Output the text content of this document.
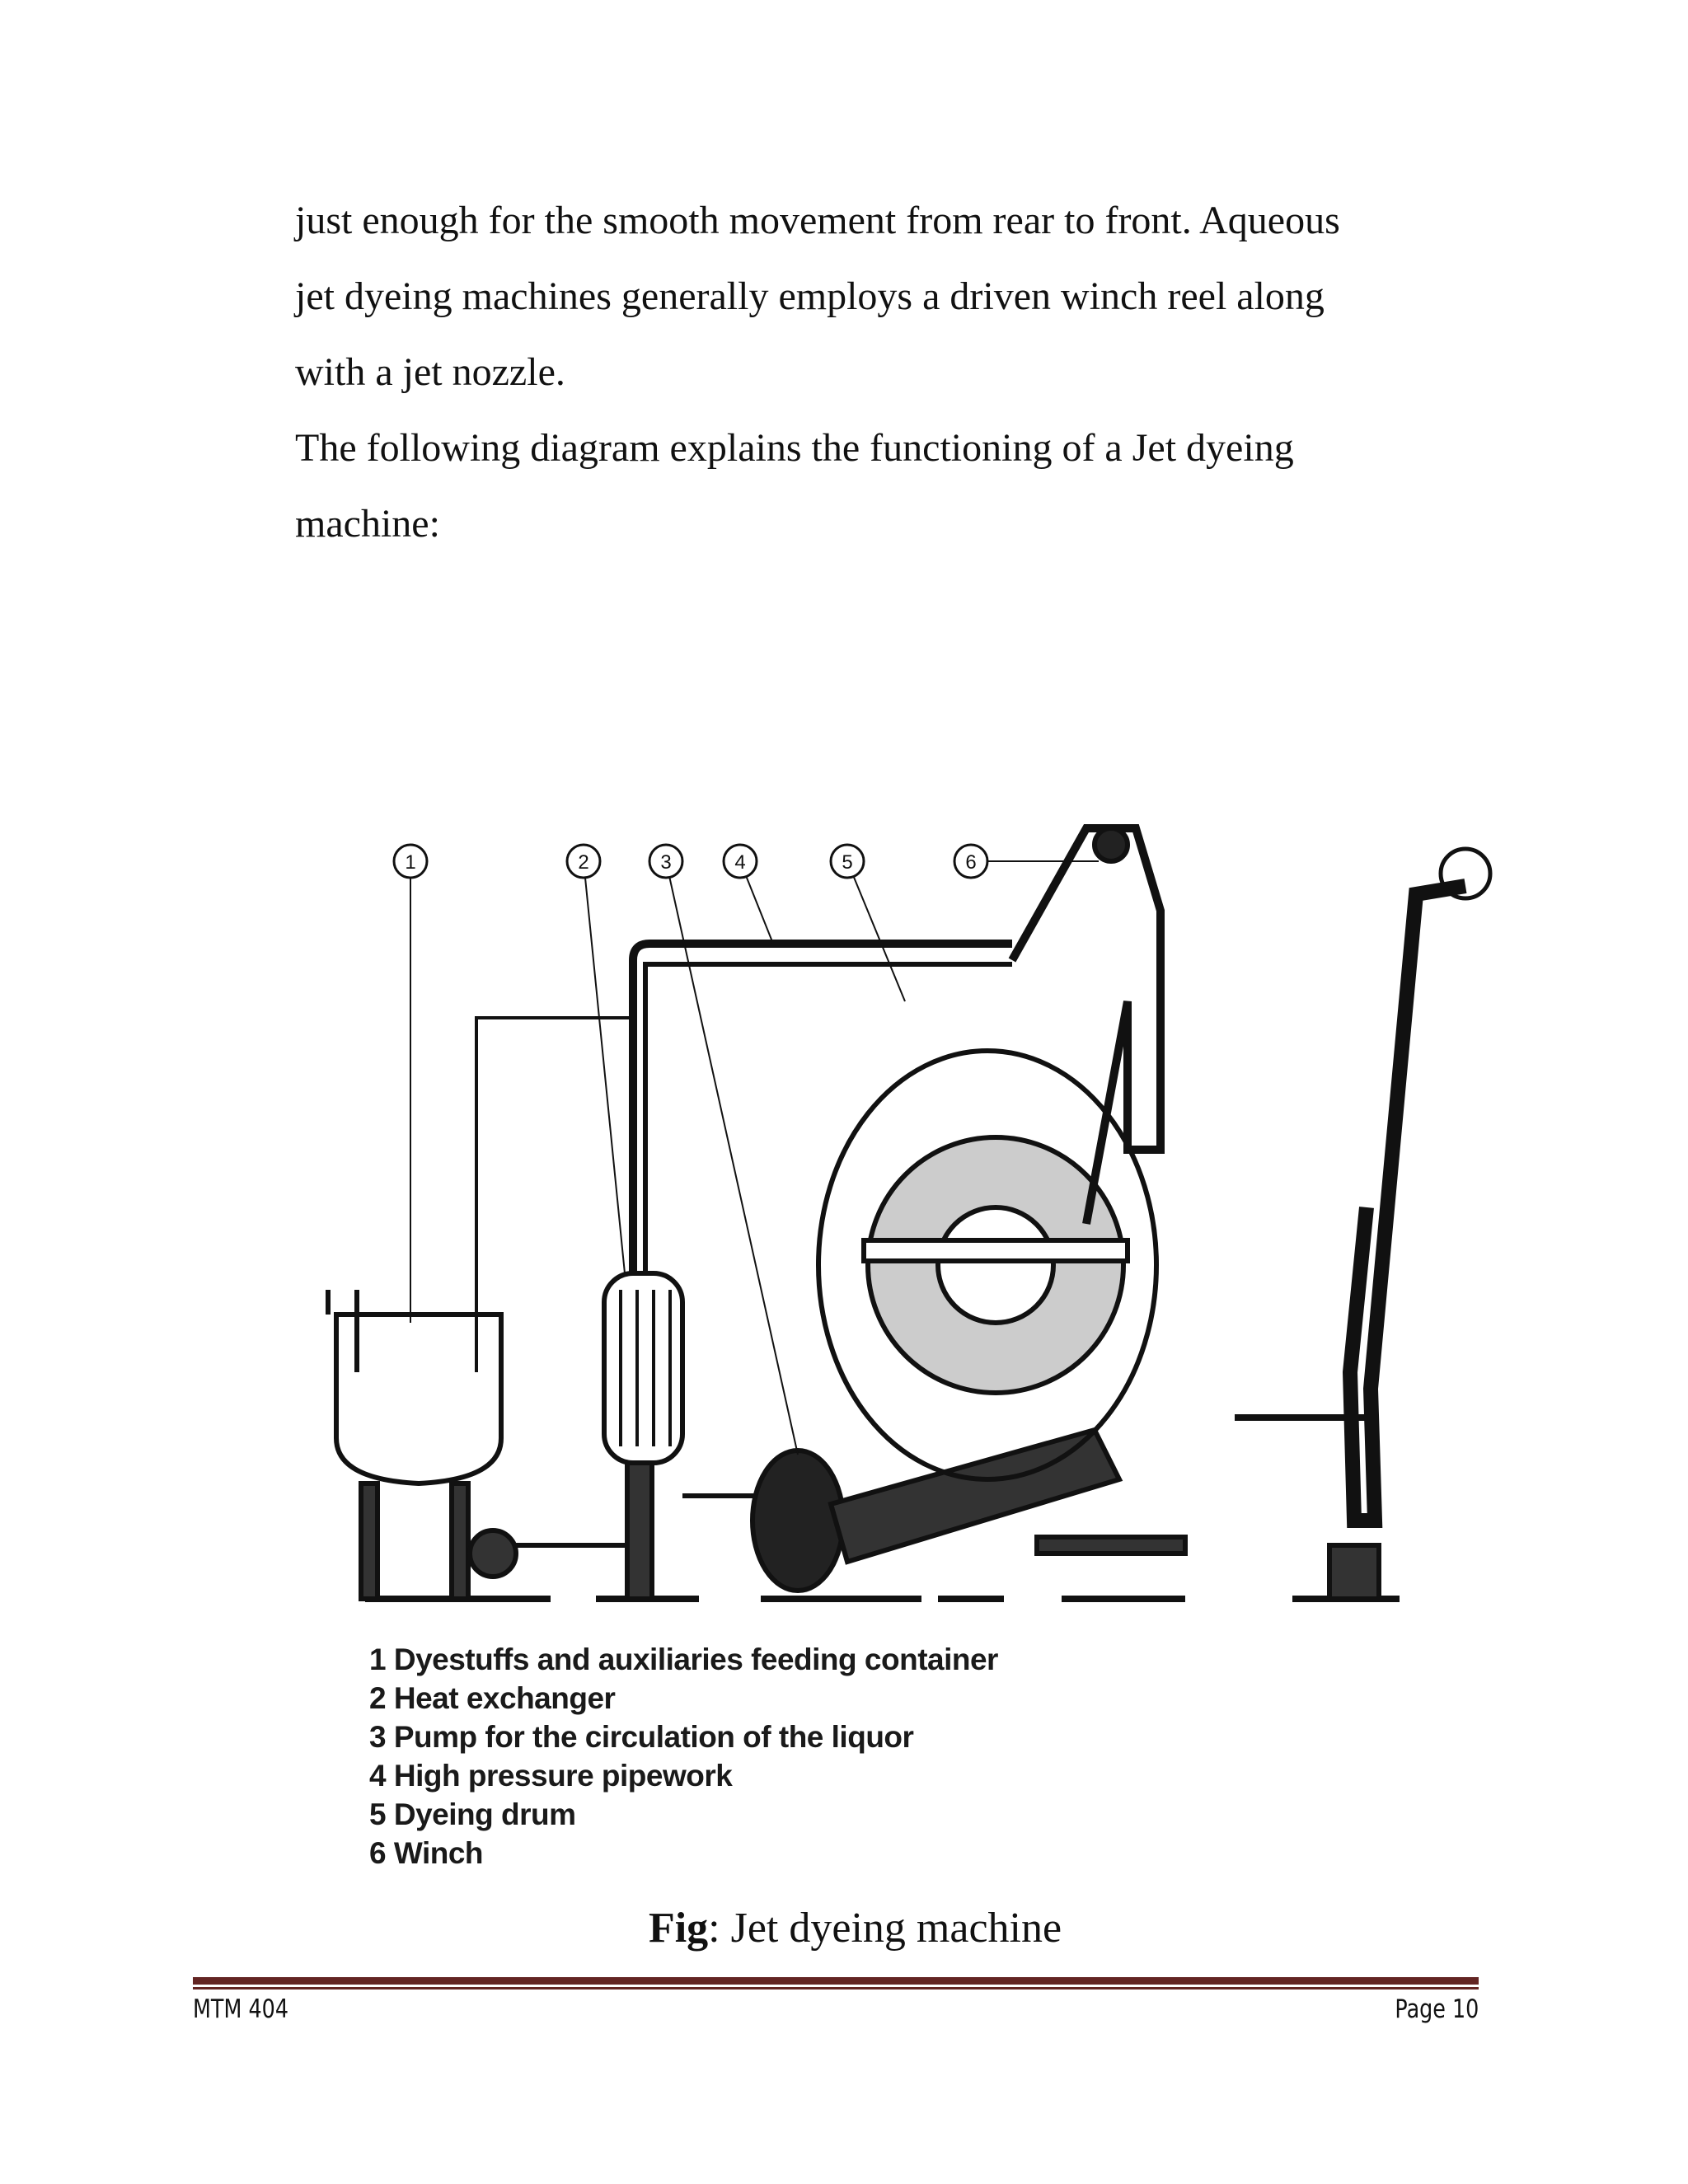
just enough for the smooth movement from rear to front. Aqueous

jet dyeing machines generally employs a driven winch reel along

with a jet nozzle.

The following diagram explains the functioning of a Jet dyeing

machine:

1	2	3	4	5	6
1 Dyestuffs and auxiliaries feeding container
2 Heat exchanger
3 Pump for the circulation of the liquor
4 High pressure pipework
5 Dyeing drum
6 Winch
Fig: Jet dyeing machine
MTM 404	Page 10
